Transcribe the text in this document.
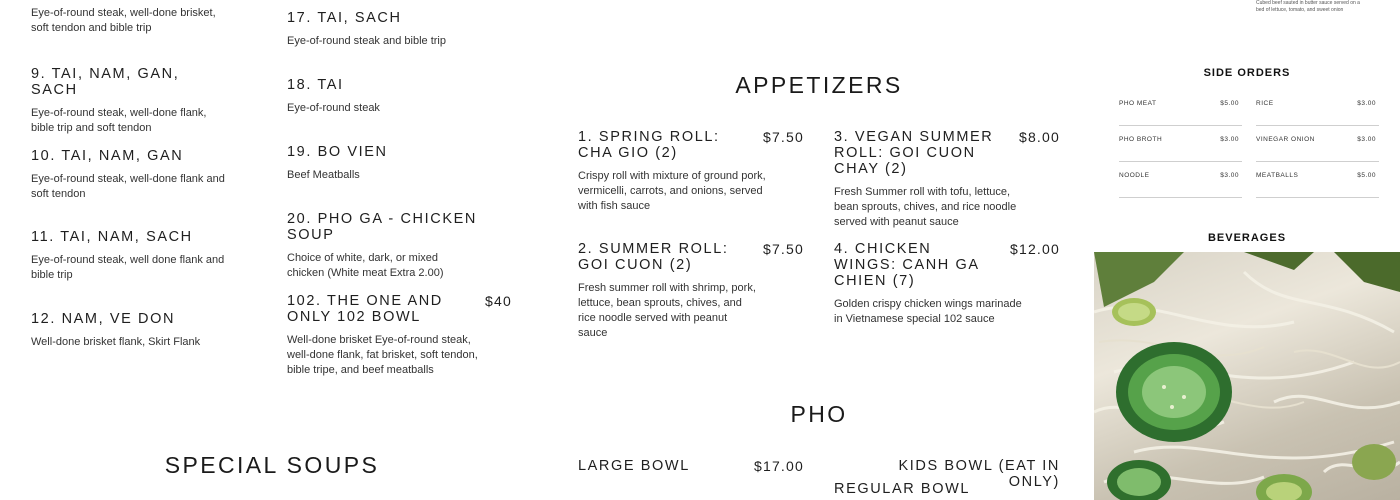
Eye-of-round steak, well-done brisket, soft tendon and bible trip
9. TAI, NAM, GAN, SACH
Eye-of-round steak, well-done flank, bible trip and soft tendon
10. TAI, NAM, GAN
Eye-of-round steak, well-done flank and soft tendon
11. TAI, NAM, SACH
Eye-of-round steak, well done flank and bible trip
12. NAM, VE DON
Well-done brisket flank, Skirt Flank
17. TAI, SACH
Eye-of-round steak and bible trip
18. TAI
Eye-of-round steak
19. BO VIEN
Beef Meatballs
20. PHO GA - CHICKEN SOUP
Choice of white, dark, or mixed chicken (White meat Extra 2.00)
102. THE ONE AND ONLY 102 BOWL
$40
Well-done brisket Eye-of-round steak, well-done flank, fat brisket, soft tendon, bible tripe, and beef meatballs
SPECIAL SOUPS
APPETIZERS
1. SPRING ROLL: CHA GIO (2)
$7.50
Crispy roll with mixture of ground pork, vermicelli, carrots, and onions, served with fish sauce
3. VEGAN SUMMER ROLL: GOI CUON CHAY (2)
$8.00
Fresh Summer roll with tofu, lettuce, bean sprouts, chives, and rice noodle served with peanut sauce
2. SUMMER ROLL: GOI CUON (2)
$7.50
Fresh summer roll with shrimp, pork, lettuce, bean sprouts, chives, and rice noodle served with peanut sauce
4. CHICKEN WINGS: CANH GA CHIEN (7)
$12.00
Golden crispy chicken wings marinade in Vietnamese special 102 sauce
PHO
LARGE BOWL	$17.00	KIDS BOWL (EAT IN ONLY)
REGULAR BOWL
Cubed beef sauted in butter sauce served on a bed of lettuce, tomato, and sweet onion
SIDE ORDERS
PHO MEAT	$5.00
PHO BROTH	$3.00
NOODLE	$3.00
RICE	$3.00
VINEGAR ONION	$3.00
MEATBALLS	$5.00
BEVERAGES
